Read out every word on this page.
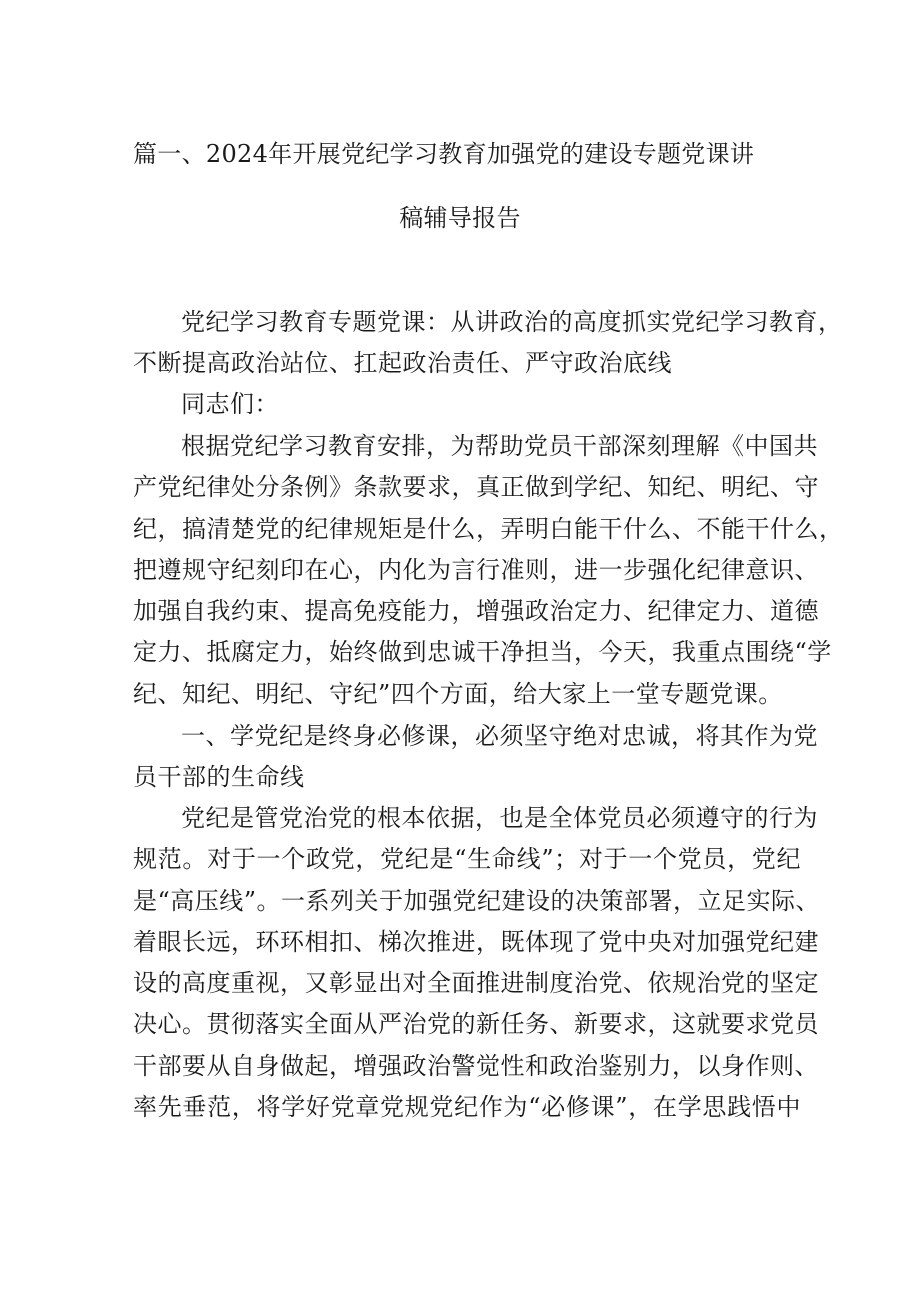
篇一、2024年开展党纪学习教育加强党的建设专题党课讲
稿辅导报告
党纪学习教育专题党课：从讲政治的高度抓实党纪学习教育，
不断提高政治站位、扛起政治责任、严守政治底线
同志们：
根据党纪学习教育安排，为帮助党员干部深刻理解《中国共
产党纪律处分条例》条款要求，真正做到学纪、知纪、明纪、守
纪，搞清楚党的纪律规矩是什么，弄明白能干什么、不能干什么，
把遵规守纪刻印在心，内化为言行准则，进一步强化纪律意识、
加强自我约束、提高免疫能力，增强政治定力、纪律定力、道德
定力、抵腐定力，始终做到忠诚干净担当，今天，我重点围绕“学
纪、知纪、明纪、守纪”四个方面，给大家上一堂专题党课。
一、学党纪是终身必修课，必须坚守绝对忠诚，将其作为党
员干部的生命线
党纪是管党治党的根本依据，也是全体党员必须遵守的行为
规范。对于一个政党，党纪是“生命线”；对于一个党员，党纪
是“高压线”。一系列关于加强党纪建设的决策部署，立足实际、
着眼长远，环环相扣、梯次推进，既体现了党中央对加强党纪建
设的高度重视，又彰显出对全面推进制度治党、依规治党的坚定
决心。贯彻落实全面从严治党的新任务、新要求，这就要求党员
干部要从自身做起，增强政治警觉性和政治鉴别力，以身作则、
率先垂范，将学好党章党规党纪作为“必修课”，在学思践悟中
